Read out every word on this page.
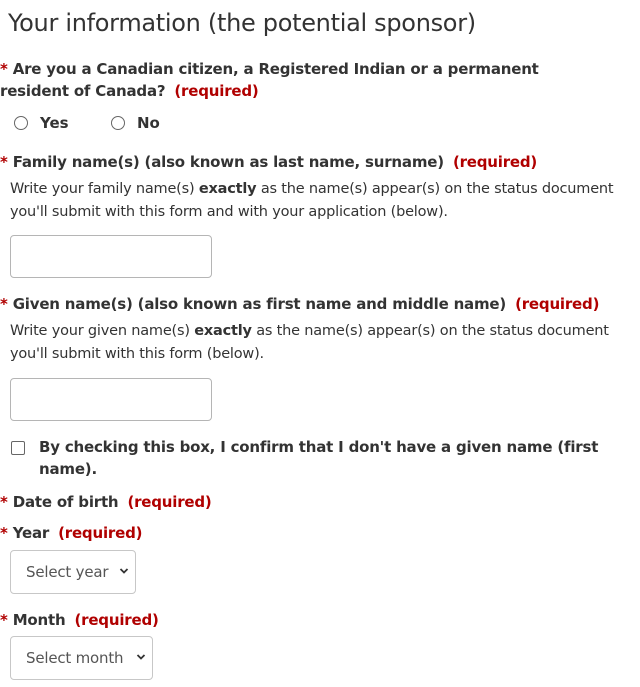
Your information (the potential sponsor)
* Are you a Canadian citizen, a Registered Indian or a permanent resident of Canada? (required)
Yes	No
* Family name(s) (also known as last name, surname) (required)
Write your family name(s) exactly as the name(s) appear(s) on the status document you'll submit with this form and with your application (below).
* Given name(s) (also known as first name and middle name) (required)
Write your given name(s) exactly as the name(s) appear(s) on the status document you'll submit with this form (below).
By checking this box, I confirm that I don't have a given name (first name).
* Date of birth (required)
* Year (required)
Select year
* Month (required)
Select month
